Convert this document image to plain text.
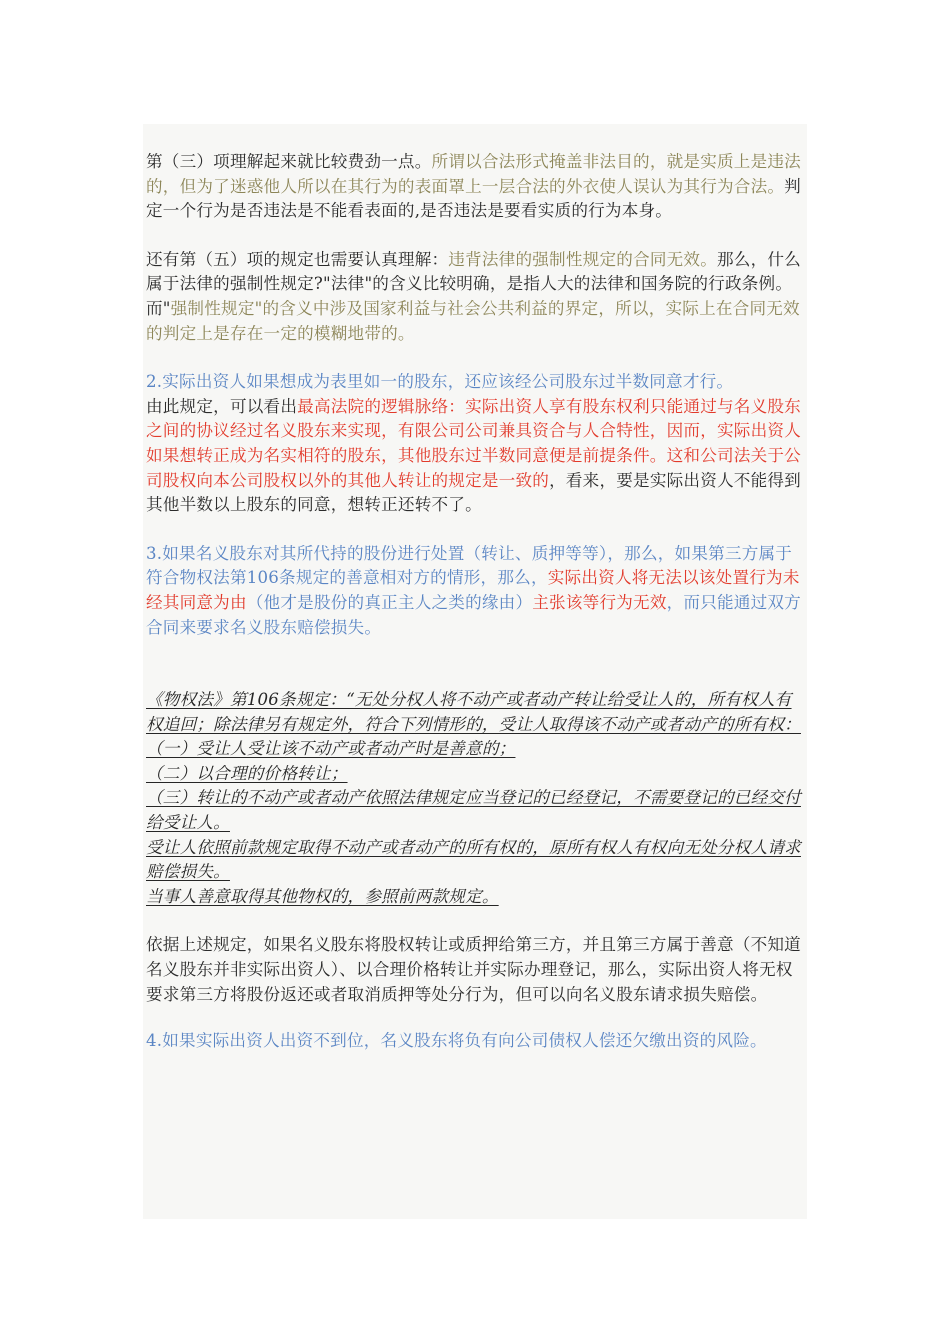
第（三）项理解起来就比较费劲一点。所谓以合法形式掩盖非法目的，就是实质上是违法的，但为了迷惑他人所以在其行为的表面罩上一层合法的外衣使人误认为其行为合法。判定一个行为是否违法是不能看表面的,是否违法是要看实质的行为本身。

还有第（五）项的规定也需要认真理解：违背法律的强制性规定的合同无效。那么，什么属于法律的强制性规定?"法律"的含义比较明确，是指人大的法律和国务院的行政条例。而"强制性规定"的含义中涉及国家利益与社会公共利益的界定，所以，实际上在合同无效的判定上是存在一定的模糊地带的。

2.实际出资人如果想成为表里如一的股东，还应该经公司股东过半数同意才行。
由此规定，可以看出最高法院的逻辑脉络：实际出资人享有股东权利只能通过与名义股东之间的协议经过名义股东来实现，有限公司公司兼具资合与人合特性，因而，实际出资人如果想转正成为名实相符的股东，其他股东过半数同意便是前提条件。这和公司法关于公司股权向本公司股权以外的其他人转让的规定是一致的，看来，要是实际出资人不能得到其他半数以上股东的同意，想转正还转不了。

3.如果名义股东对其所代持的股份进行处置（转让、质押等等），那么，如果第三方属于符合物权法第106条规定的善意相对方的情形，那么，实际出资人将无法以该处置行为未经其同意为由（他才是股份的真正主人之类的缘由）主张该等行为无效，而只能通过双方合同来要求名义股东赔偿损失。

《物权法》第106条规定：“无处分权人将不动产或者动产转让给受让人的，所有权人有权追回；除法律另有规定外，符合下列情形的，受让人取得该不动产或者动产的所有权：

（一）受让人受让该不动产或者动产时是善意的；

（二）以合理的价格转让；

（三）转让的不动产或者动产依照法律规定应当登记的已经登记，不需要登记的已经交付给受让人。

受让人依照前款规定取得不动产或者动产的所有权的，原所有权人有权向无处分权人请求赔偿损失。

当事人善意取得其他物权的，参照前两款规定。

依据上述规定，如果名义股东将股权转让或质押给第三方，并且第三方属于善意（不知道名义股东并非实际出资人）、以合理价格转让并实际办理登记，那么，实际出资人将无权要求第三方将股份返还或者取消质押等处分行为，但可以向名义股东请求损失赔偿。

4.如果实际出资人出资不到位，名义股东将负有向公司债权人偿还欠缴出资的风险。
